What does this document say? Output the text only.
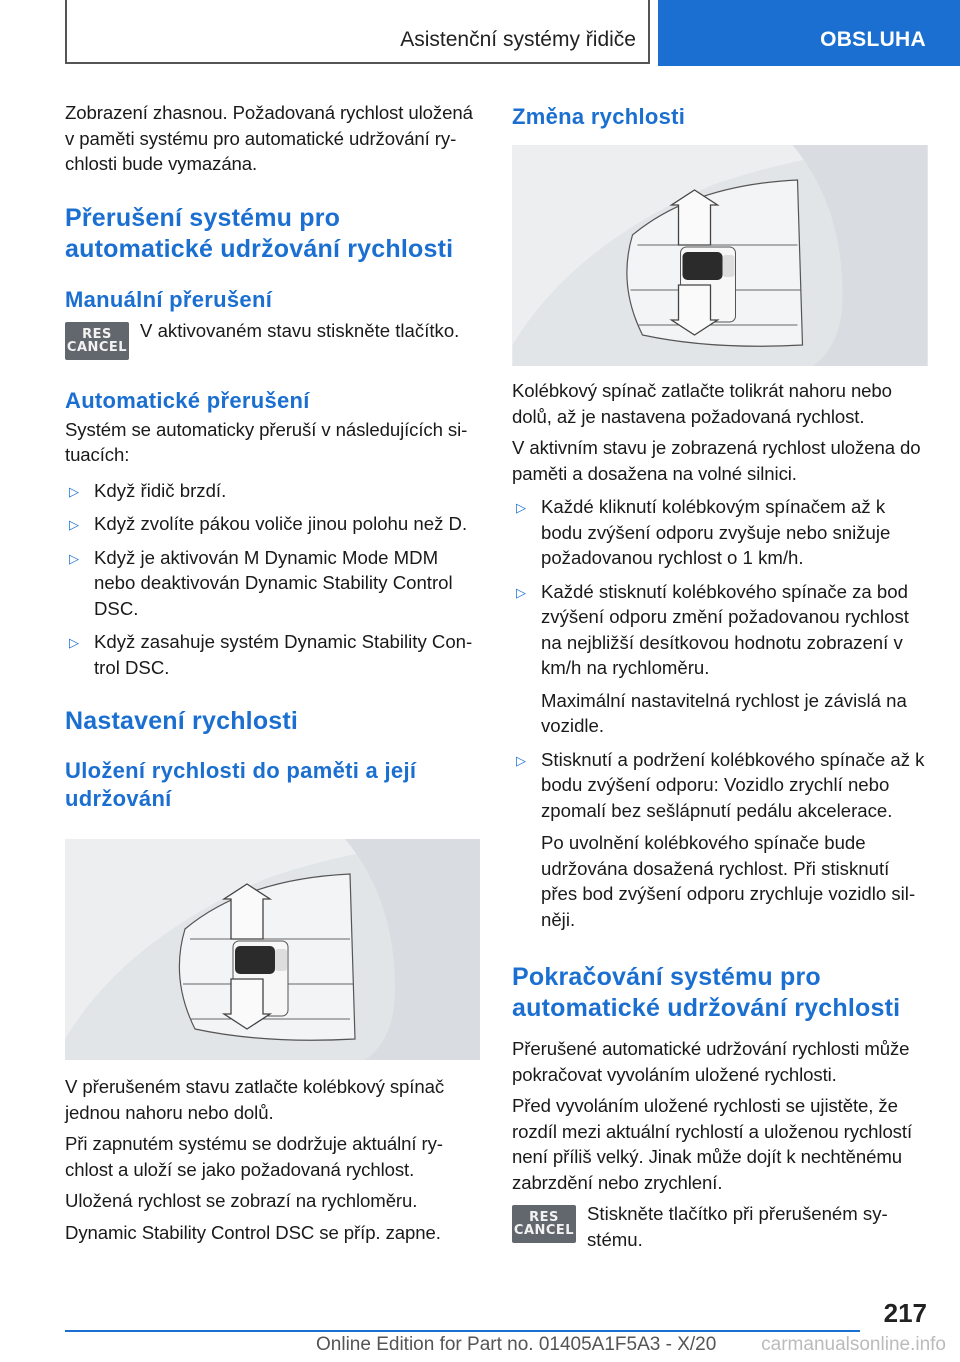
Asistenční systémy řidiče	OBSLUHA

Zobrazení zhasnou. Požadovaná rychlost uložená v paměti systému pro automatické udržování rychlosti bude vymazána.

Přerušení systému pro automatické udržování rychlosti
Manuální přerušení
RES
CANCEL

V aktivovaném stavu stiskněte tlačítko.

Automatické přerušení

Systém se automaticky přeruší v následujících situacích:

▷ Když řidič brzdí.
▷ Když zvolíte pákou voliče jinou polohu než D.
▷ Když je aktivován M Dynamic Mode MDM nebo deaktivován Dynamic Stability Control DSC.
▷ Když zasahuje systém Dynamic Stability Control DSC.
Nastavení rychlosti
Uložení rychlosti do paměti a její udržování

V přerušeném stavu zatlačte kolébkový spínač jednou nahoru nebo dolů.

Při zapnutém systému se dodržuje aktuální rychlost a uloží se jako požadovaná rychlost.

Uložená rychlost se zobrazí na rychloměru.

Dynamic Stability Control DSC se příp. zapne.

Změna rychlosti

Kolébkový spínač zatlačte tolikrát nahoru nebo dolů, až je nastavena požadovaná rychlost.

V aktivním stavu je zobrazená rychlost uložena do paměti a dosažena na volné silnici.

▷ Každé kliknutí kolébkovým spínačem až k bodu zvýšení odporu zvyšuje nebo snižuje požadovanou rychlost o 1 km/h.
▷ Každé stisknutí kolébkového spínače za bod zvýšení odporu změní požadovanou rychlost na nejbližší desítkovou hodnotu zobrazení v km/h na rychloměru.

Maximální nastavitelná rychlost je závislá na vozidle.

▷ Stisknutí a podržení kolébkového spínače až k bodu zvýšení odporu: Vozidlo zrychlí nebo zpomalí bez sešlápnutí pedálu akcelerace.

Po uvolnění kolébkového spínače bude udržována dosažená rychlost. Při stisknutí přes bod zvýšení odporu zrychluje vozidlo silněji.

Pokračování systému pro automatické udržování rychlosti

Přerušené automatické udržování rychlosti může pokračovat vyvoláním uložené rychlosti.

Před vyvoláním uložené rychlosti se ujistěte, že rozdíl mezi aktuální rychlostí a uloženou rychlostí není příliš velký. Jinak může dojít k nechtěnému zabrzdění nebo zrychlení.

RES
CANCEL

Stiskněte tlačítko při přerušeném systému.

217
Online Edition for Part no. 01405A1F5A3 - X/20 carmanualsonline.info
